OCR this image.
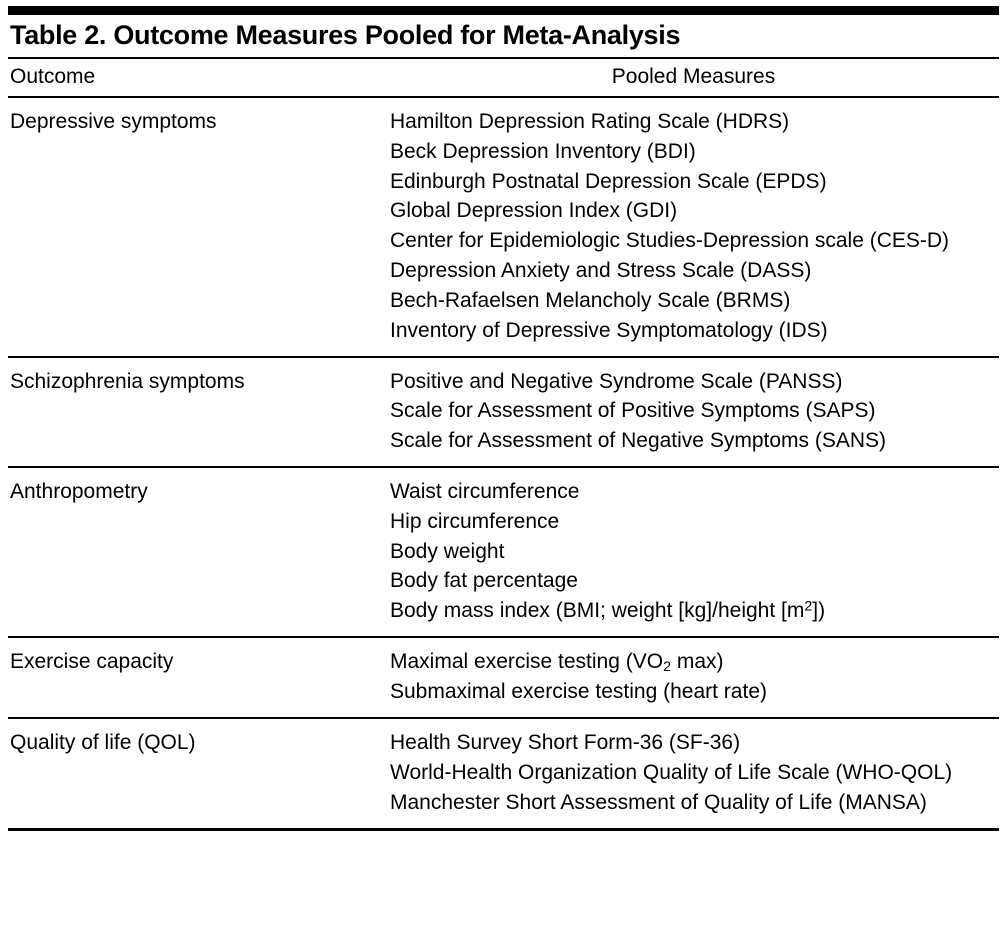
Table 2. Outcome Measures Pooled for Meta-Analysis
Outcome	Pooled Measures
Depressive symptoms	Hamilton Depression Rating Scale (HDRS)
Beck Depression Inventory (BDI)
Edinburgh Postnatal Depression Scale (EPDS)
Global Depression Index (GDI)
Center for Epidemiologic Studies-Depression scale (CES-D)
Depression Anxiety and Stress Scale (DASS)
Bech-Rafaelsen Melancholy Scale (BRMS)
Inventory of Depressive Symptomatology (IDS)

Schizophrenia symptoms	Positive and Negative Syndrome Scale (PANSS)
Scale for Assessment of Positive Symptoms (SAPS)
Scale for Assessment of Negative Symptoms (SANS)

Anthropometry	Waist circumference
Hip circumference
Body weight
Body fat percentage
Body mass index (BMI; weight [kg]/height $[m^2]$)

Exercise capacity	Maximal exercise testing ($VO_2$ max)
Submaximal exercise testing (heart rate)

Quality of life (QOL)	Health Survey Short Form-36 (SF-36)
World-Health Organization Quality of Life Scale (WHO-QOL)
Manchester Short Assessment of Quality of Life (MANSA)
